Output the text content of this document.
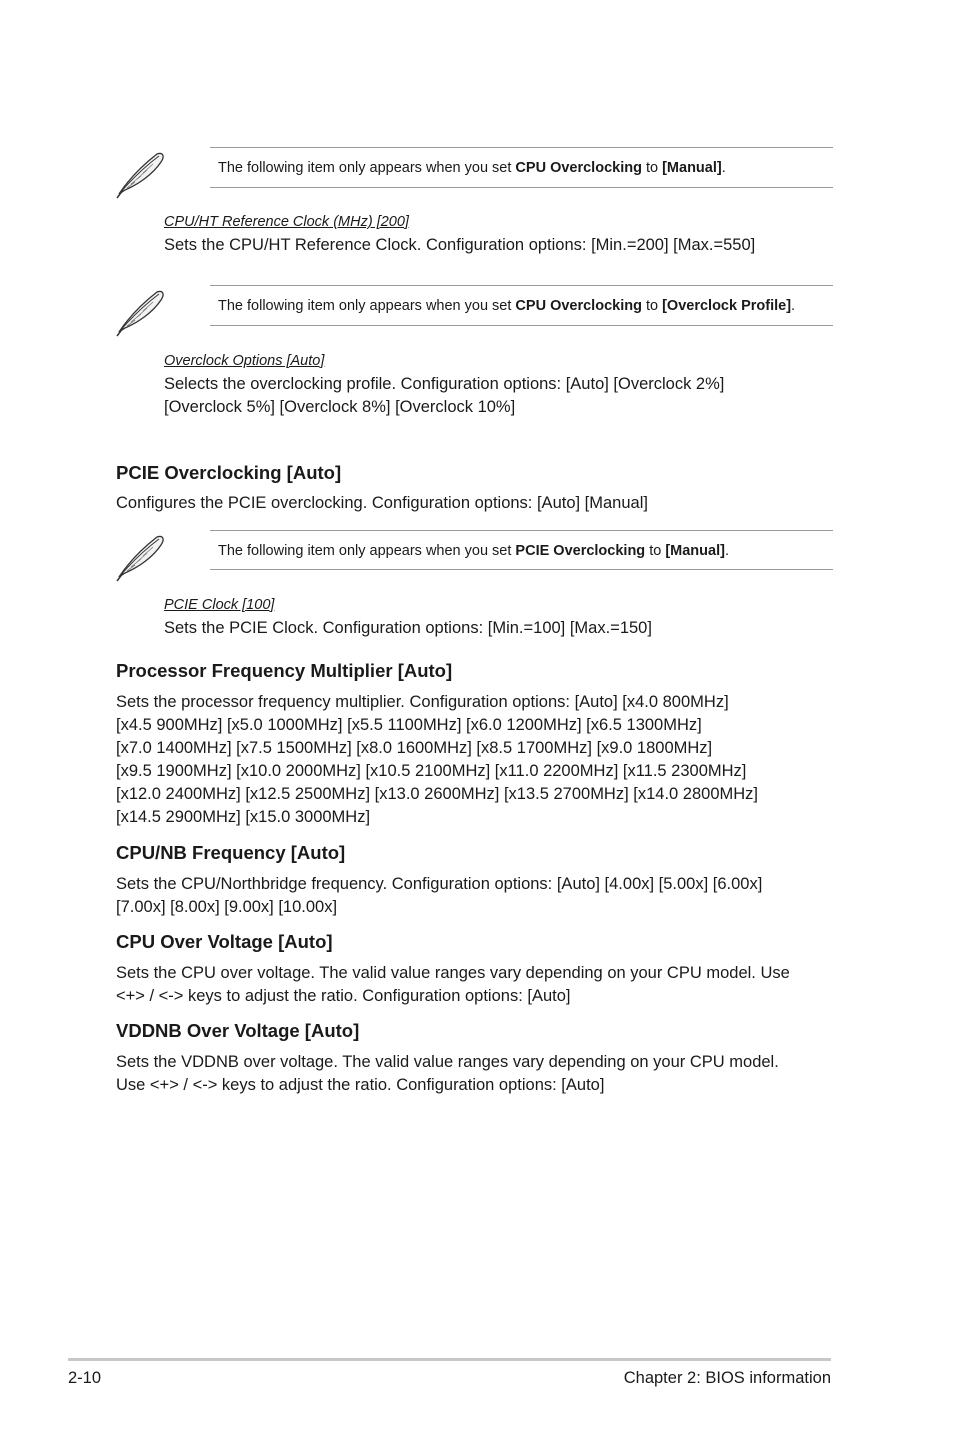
The following item only appears when you set CPU Overclocking to [Manual].
CPU/HT Reference Clock (MHz) [200]
Sets the CPU/HT Reference Clock. Configuration options: [Min.=200] [Max.=550]
The following item only appears when you set CPU Overclocking to [Overclock Profile].
Overclock Options [Auto]
Selects the overclocking profile. Configuration options: [Auto] [Overclock 2%]
[Overclock 5%] [Overclock 8%] [Overclock 10%]
PCIE Overclocking [Auto]
Configures the PCIE overclocking. Configuration options: [Auto] [Manual]
The following item only appears when you set PCIE Overclocking to [Manual].
PCIE Clock [100]
Sets the PCIE Clock. Configuration options: [Min.=100] [Max.=150]
Processor Frequency Multiplier [Auto]
Sets the processor frequency multiplier. Configuration options: [Auto] [x4.0 800MHz]
[x4.5 900MHz] [x5.0 1000MHz] [x5.5 1100MHz] [x6.0 1200MHz] [x6.5 1300MHz]
[x7.0 1400MHz] [x7.5 1500MHz] [x8.0 1600MHz] [x8.5 1700MHz] [x9.0 1800MHz]
[x9.5 1900MHz] [x10.0 2000MHz] [x10.5 2100MHz] [x11.0 2200MHz] [x11.5 2300MHz]
[x12.0 2400MHz] [x12.5 2500MHz] [x13.0 2600MHz] [x13.5 2700MHz] [x14.0 2800MHz]
[x14.5 2900MHz] [x15.0 3000MHz]
CPU/NB Frequency [Auto]
Sets the CPU/Northbridge frequency. Configuration options: [Auto] [4.00x] [5.00x] [6.00x]
[7.00x] [8.00x] [9.00x] [10.00x]
CPU Over Voltage [Auto]
Sets the CPU over voltage. The valid value ranges vary depending on your CPU model. Use
<+> / <-> keys to adjust the ratio. Configuration options: [Auto]
VDDNB Over Voltage [Auto]
Sets the VDDNB over voltage. The valid value ranges vary depending on your CPU model.
Use <+> / <-> keys to adjust the ratio. Configuration options: [Auto]
2-10	Chapter 2: BIOS information
